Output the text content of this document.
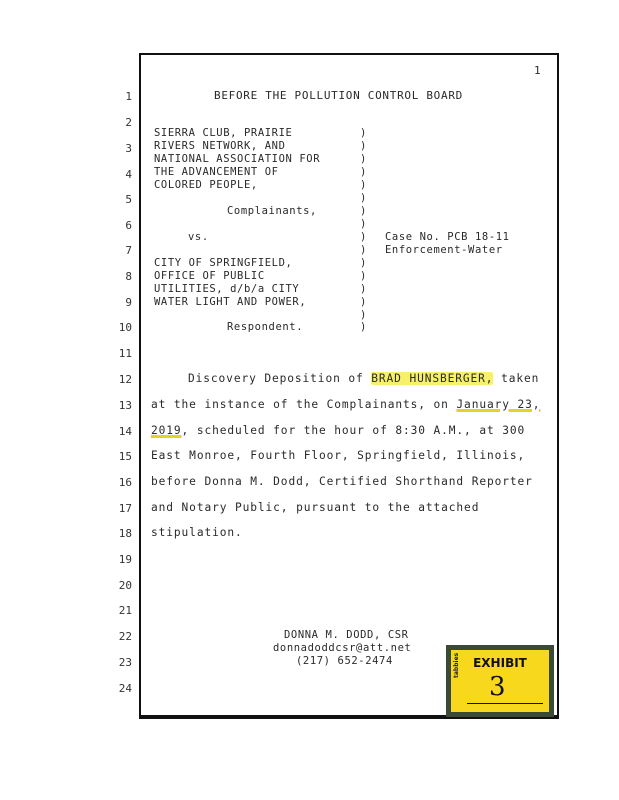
1
1
2
3
4
5
6
7
8
9
10
11
12
13
14
15
16
17
18
19
20
21
22
23
24
BEFORE THE POLLUTION CONTROL BOARD
SIERRA CLUB, PRAIRIE
RIVERS NETWORK, AND
NATIONAL ASSOCIATION FOR
THE ADVANCEMENT OF
COLORED PEOPLE,
Complainants,
vs.
CITY OF SPRINGFIELD,
OFFICE OF PUBLIC
UTILITIES, d/b/a CITY
WATER LIGHT AND POWER,
Respondent.
)
)
)
)
)
)
)
)
)
)
)
)
)
)
)
)
Case No. PCB 18-11
Enforcement-Water
Discovery Deposition of BRAD HUNSBERGER, taken
at the instance of the Complainants, on January 23,
2019, scheduled for the hour of 8:30 A.M., at 300
East Monroe, Fourth Floor, Springfield, Illinois,
before Donna M. Dodd, Certified Shorthand Reporter
and Notary Public, pursuant to the attached
stipulation.
DONNA M. DODD, CSR
donnadoddcsr@att.net
(217) 652-2474	EXHIBIT
tabbies
3
